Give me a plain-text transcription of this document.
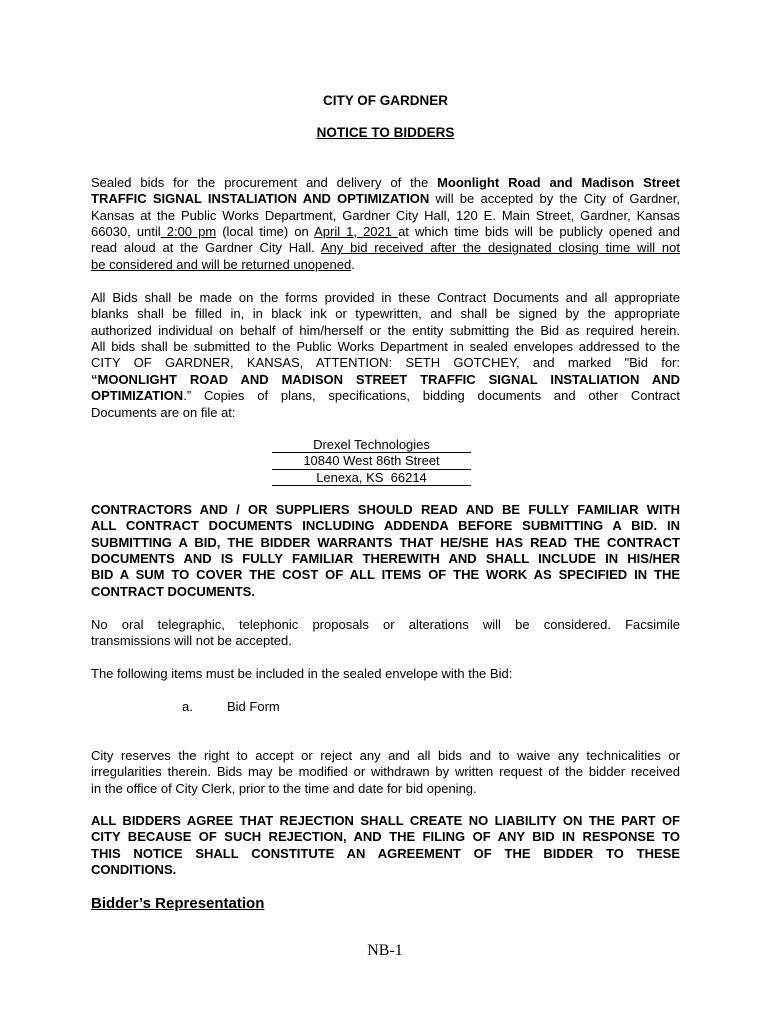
CITY OF GARDNER
NOTICE TO BIDDERS
Sealed bids for the procurement and delivery of the Moonlight Road and Madison Street
TRAFFIC SIGNAL INSTALIATION AND OPTIMIZATION will be accepted by the City of Gardner,
Kansas at the Public Works Department, Gardner City Hall, 120 E. Main Street, Gardner, Kansas
66030, until 2:00 pm (local time) on April 1, 2021 at which time bids will be publicly opened and
read aloud at the Gardner City Hall. Any bid received after the designated closing time will not
be considered and will be returned unopened.
All Bids shall be made on the forms provided in these Contract Documents and all appropriate
blanks shall be filled in, in black ink or typewritten, and shall be signed by the appropriate
authorized individual on behalf of him/herself or the entity submitting the Bid as required herein.
All bids shall be submitted to the Public Works Department in sealed envelopes addressed to the
CITY OF GARDNER, KANSAS, ATTENTION: SETH GOTCHEY, and marked "Bid for:
“MOONLIGHT ROAD AND MADISON STREET TRAFFIC SIGNAL INSTALIATION AND
OPTIMIZATION.” Copies of plans, specifications, bidding documents and other Contract
Documents are on file at:
Drexel Technologies
10840 West 86th Street
Lenexa, KS  66214
CONTRACTORS AND / OR SUPPLIERS SHOULD READ AND BE FULLY FAMILIAR WITH
ALL CONTRACT DOCUMENTS INCLUDING ADDENDA BEFORE SUBMITTING A BID. IN
SUBMITTING A BID, THE BIDDER WARRANTS THAT HE/SHE HAS READ THE CONTRACT
DOCUMENTS AND IS FULLY FAMILIAR THEREWITH AND SHALL INCLUDE IN HIS/HER
BID A SUM TO COVER THE COST OF ALL ITEMS OF THE WORK AS SPECIFIED IN THE
CONTRACT DOCUMENTS.
No oral telegraphic, telephonic proposals or alterations will be considered. Facsimile
transmissions will not be accepted.
The following items must be included in the sealed envelope with the Bid:
a.	Bid Form
City reserves the right to accept or reject any and all bids and to waive any technicalities or
irregularities therein. Bids may be modified or withdrawn by written request of the bidder received
in the office of City Clerk, prior to the time and date for bid opening.
ALL BIDDERS AGREE THAT REJECTION SHALL CREATE NO LIABILITY ON THE PART OF
CITY BECAUSE OF SUCH REJECTION, AND THE FILING OF ANY BID IN RESPONSE TO
THIS NOTICE SHALL CONSTITUTE AN AGREEMENT OF THE BIDDER TO THESE
CONDITIONS.
Bidder’s Representation
NB-1
